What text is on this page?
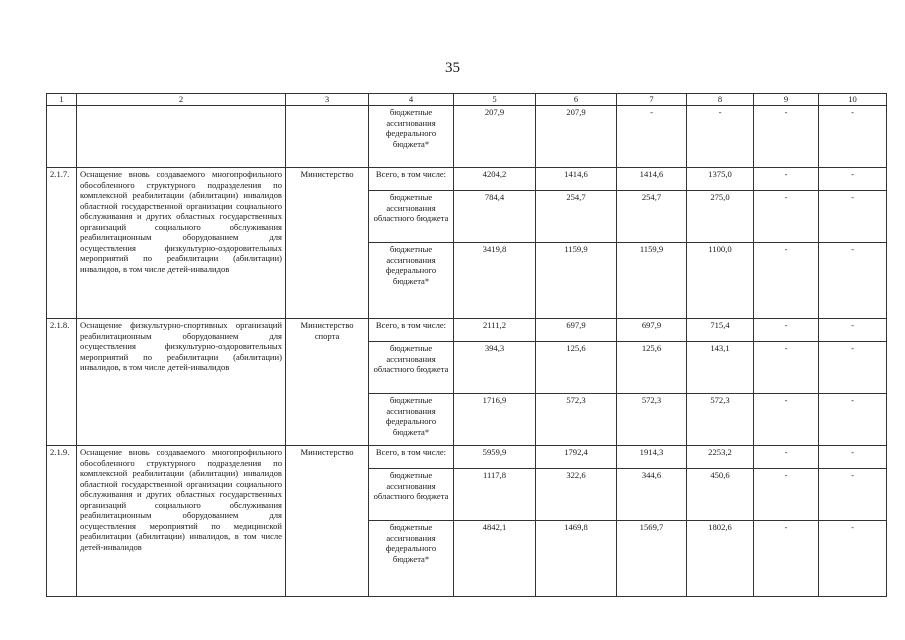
35
1	2	3	4	5	6	7	8	9	10
			бюджетные ассигнования федерального бюджета*	207,9	207,9	-	-	-	-
2.1.7.	Оснащение вновь создаваемого многопрофильного обособленного структурного подразделения по комплексной реабилитации (абилитации) инвалидов областной государственной организации социального обслуживания и других областных государственных организаций социального обслуживания реабилитационным оборудованием для осуществления физкультурно-оздоровительных мероприятий по реабилитации (абилитации) инвалидов, в том числе детей-инвалидов	Министерство	Всего, в том числе:	4204,2	1414,6	1414,6	1375,0	-	-
			бюджетные ассигнования областного бюджета	784,4	254,7	254,7	275,0	-	-
			бюджетные ассигнования федерального бюджета*	3419,8	1159,9	1159,9	1100,0	-	-
2.1.8.	Оснащение физкультурно-спортивных организаций реабилитационным оборудованием для осуществления физкультурно-оздоровительных мероприятий по реабилитации (абилитации) инвалидов, в том числе детей-инвалидов	Министерство спорта	Всего, в том числе:	2111,2	697,9	697,9	715,4	-	-
			бюджетные ассигнования областного бюджета	394,3	125,6	125,6	143,1	-	-
			бюджетные ассигнования федерального бюджета*	1716,9	572,3	572,3	572,3	-	-
2.1.9.	Оснащение вновь создаваемого многопрофильного обособленного структурного подразделения по комплексной реабилитации (абилитации) инвалидов областной государственной организации социального обслуживания и других областных государственных организаций социального обслуживания реабилитационным оборудованием для осуществления мероприятий по медицинской реабилитации (абилитации) инвалидов, в том числе детей-инвалидов	Министерство	Всего, в том числе:	5959,9	1792,4	1914,3	2253,2	-	-
			бюджетные ассигнования областного бюджета	1117,8	322,6	344,6	450,6	-	-
			бюджетные ассигнования федерального бюджета*	4842,1	1469,8	1569,7	1802,6	-	-
